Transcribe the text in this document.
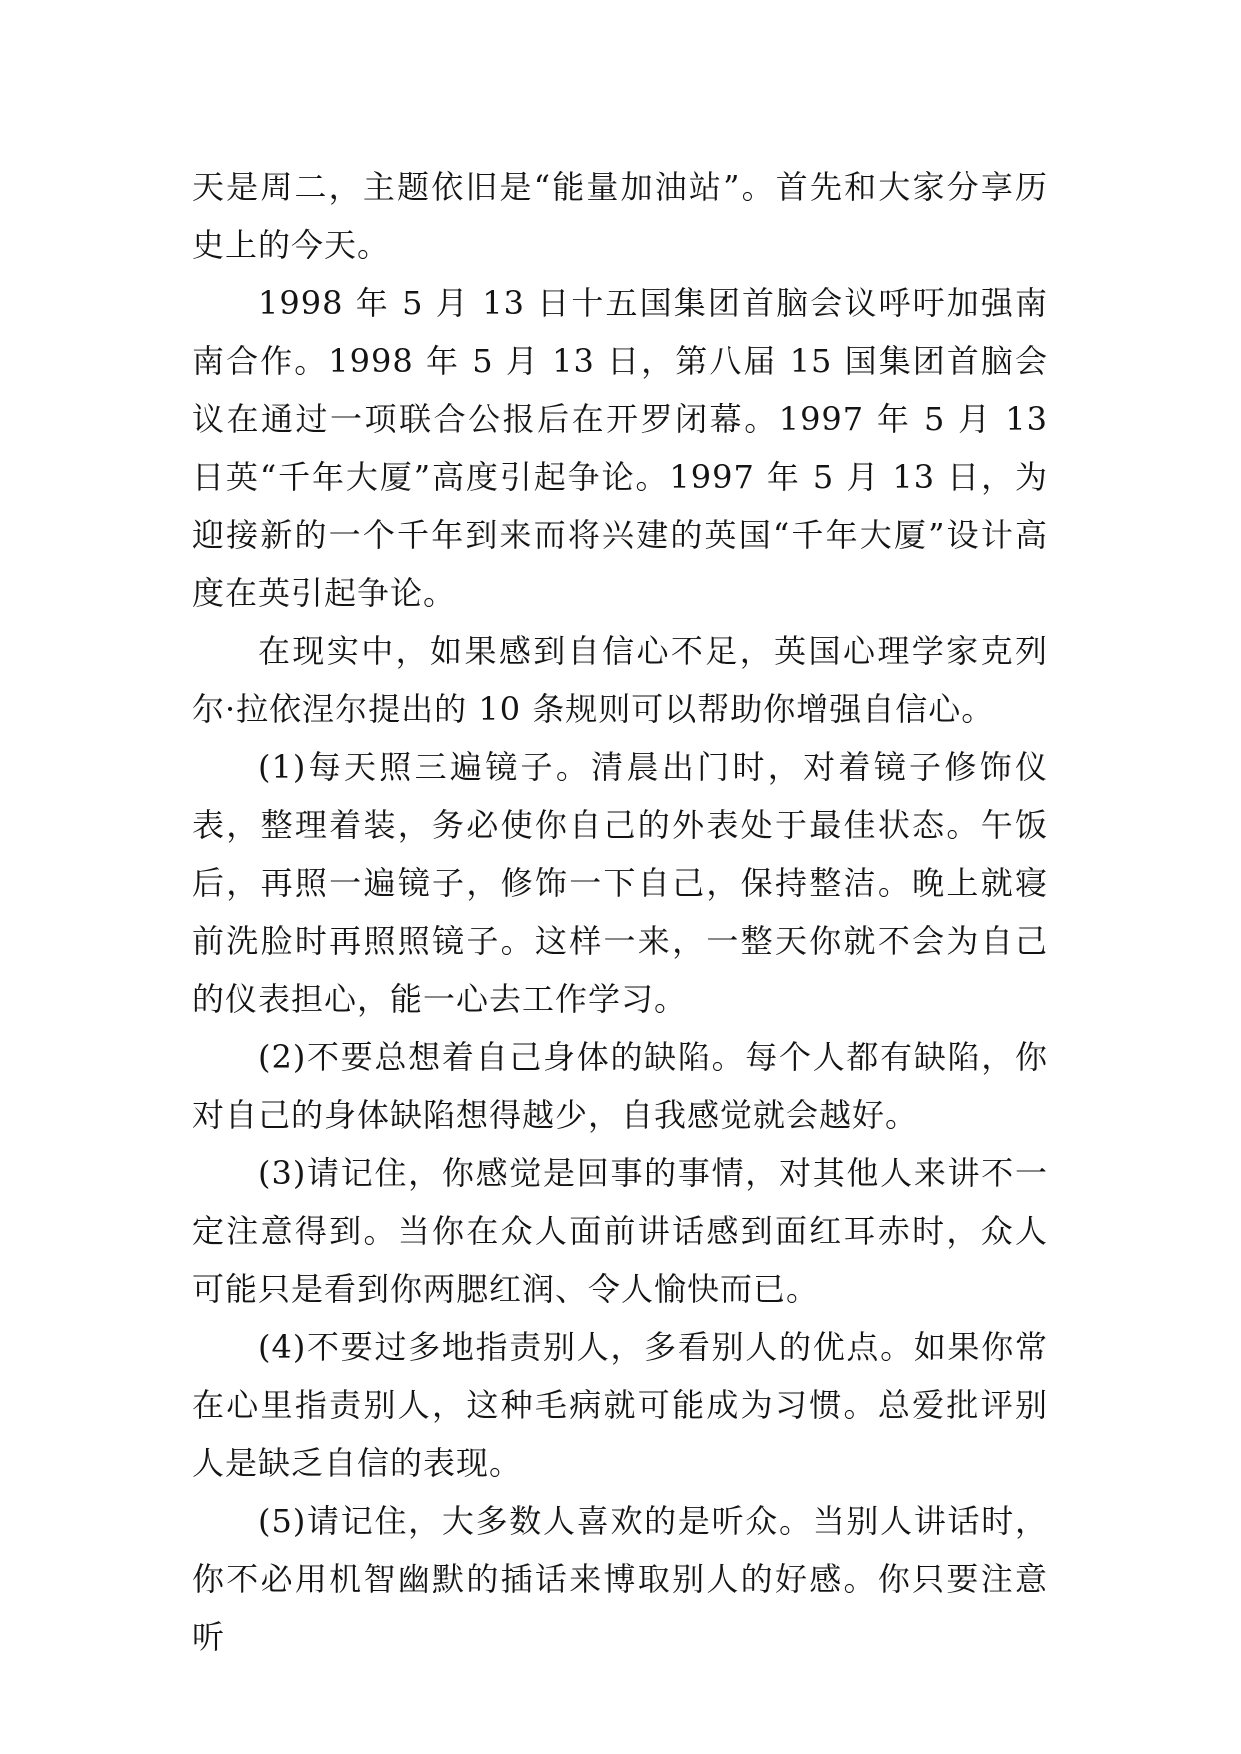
天是周二，主题依旧是“能量加油站”。首先和大家分享历史上的今天。

1998 年 5 月 13 日十五国集团首脑会议呼吁加强南南合作。1998 年 5 月 13 日，第八届 15 国集团首脑会议在通过一项联合公报后在开罗闭幕。1997 年 5 月 13 日英“千年大厦”高度引起争论。1997 年 5 月 13 日，为迎接新的一个千年到来而将兴建的英国“千年大厦”设计高度在英引起争论。

在现实中，如果感到自信心不足，英国心理学家克列尔·拉依涅尔提出的 10 条规则可以帮助你增强自信心。

(1)每天照三遍镜子。清晨出门时，对着镜子修饰仪表，整理着装，务必使你自己的外表处于最佳状态。午饭后，再照一遍镜子，修饰一下自己，保持整洁。晚上就寝前洗脸时再照照镜子。这样一来，一整天你就不会为自己的仪表担心，能一心去工作学习。

(2)不要总想着自己身体的缺陷。每个人都有缺陷，你对自己的身体缺陷想得越少，自我感觉就会越好。

(3)请记住，你感觉是回事的事情，对其他人来讲不一定注意得到。当你在众人面前讲话感到面红耳赤时，众人可能只是看到你两腮红润、令人愉快而已。

(4)不要过多地指责别人，多看别人的优点。如果你常在心里指责别人，这种毛病就可能成为习惯。总爱批评别人是缺乏自信的表现。

(5)请记住，大多数人喜欢的是听众。当别人讲话时，你不必用机智幽默的插话来博取别人的好感。你只要注意听
